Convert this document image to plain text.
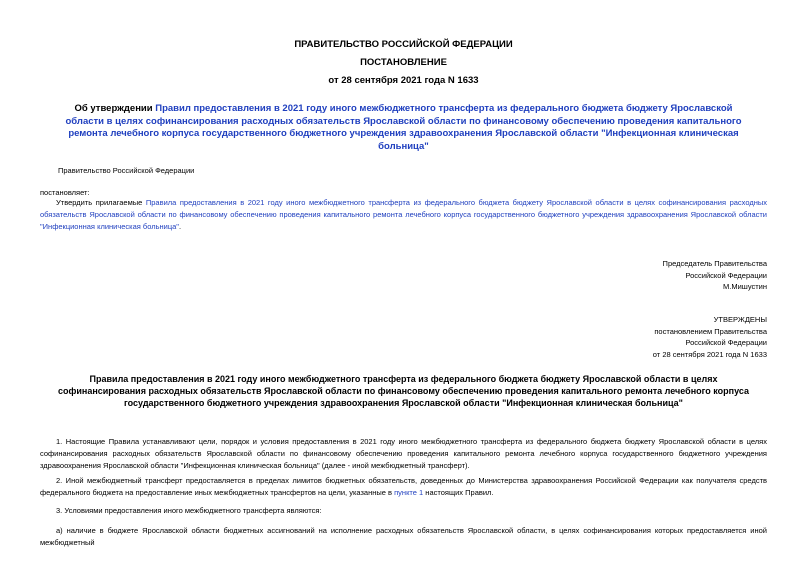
ПРАВИТЕЛЬСТВО РОССИЙСКОЙ ФЕДЕРАЦИИ
ПОСТАНОВЛЕНИЕ
от 28 сентября 2021 года N 1633
Об утверждении Правил предоставления в 2021 году иного межбюджетного трансферта из федерального бюджета бюджету Ярославской области в целях софинансирования расходных обязательств Ярославской области по финансовому обеспечению проведения капитального ремонта лечебного корпуса государственного бюджетного учреждения здравоохранения Ярославской области "Инфекционная клиническая больница"
Правительство Российской Федерации
постановляет:
Утвердить прилагаемые Правила предоставления в 2021 году иного межбюджетного трансферта из федерального бюджета бюджету Ярославской области в целях софинансирования расходных обязательств Ярославской области по финансовому обеспечению проведения капитального ремонта лечебного корпуса государственного бюджетного учреждения здравоохранения Ярославской области "Инфекционная клиническая больница".
Председатель Правительства
Российской Федерации
М.Мишустин
УТВЕРЖДЕНЫ
постановлением Правительства
Российской Федерации
от 28 сентября 2021 года N 1633
Правила предоставления в 2021 году иного межбюджетного трансферта из федерального бюджета бюджету Ярославской области в целях софинансирования расходных обязательств Ярославской области по финансовому обеспечению проведения капитального ремонта лечебного корпуса государственного бюджетного учреждения здравоохранения Ярославской области "Инфекционная клиническая больница"
1. Настоящие Правила устанавливают цели, порядок и условия предоставления в 2021 году иного межбюджетного трансферта из федерального бюджета бюджету Ярославской области в целях софинансирования расходных обязательств Ярославской области по финансовому обеспечению проведения капитального ремонта лечебного корпуса государственного бюджетного учреждения здравоохранения Ярославской области "Инфекционная клиническая больница" (далее - иной межбюджетный трансферт).
2. Иной межбюджетный трансферт предоставляется в пределах лимитов бюджетных обязательств, доведенных до Министерства здравоохранения Российской Федерации как получателя средств федерального бюджета на предоставление иных межбюджетных трансфертов на цели, указанные в пункте 1 настоящих Правил.
3. Условиями предоставления иного межбюджетного трансферта являются:
а) наличие в бюджете Ярославской области бюджетных ассигнований на исполнение расходных обязательств Ярославской области, в целях софинансирования которых предоставляется иной межбюджетный
